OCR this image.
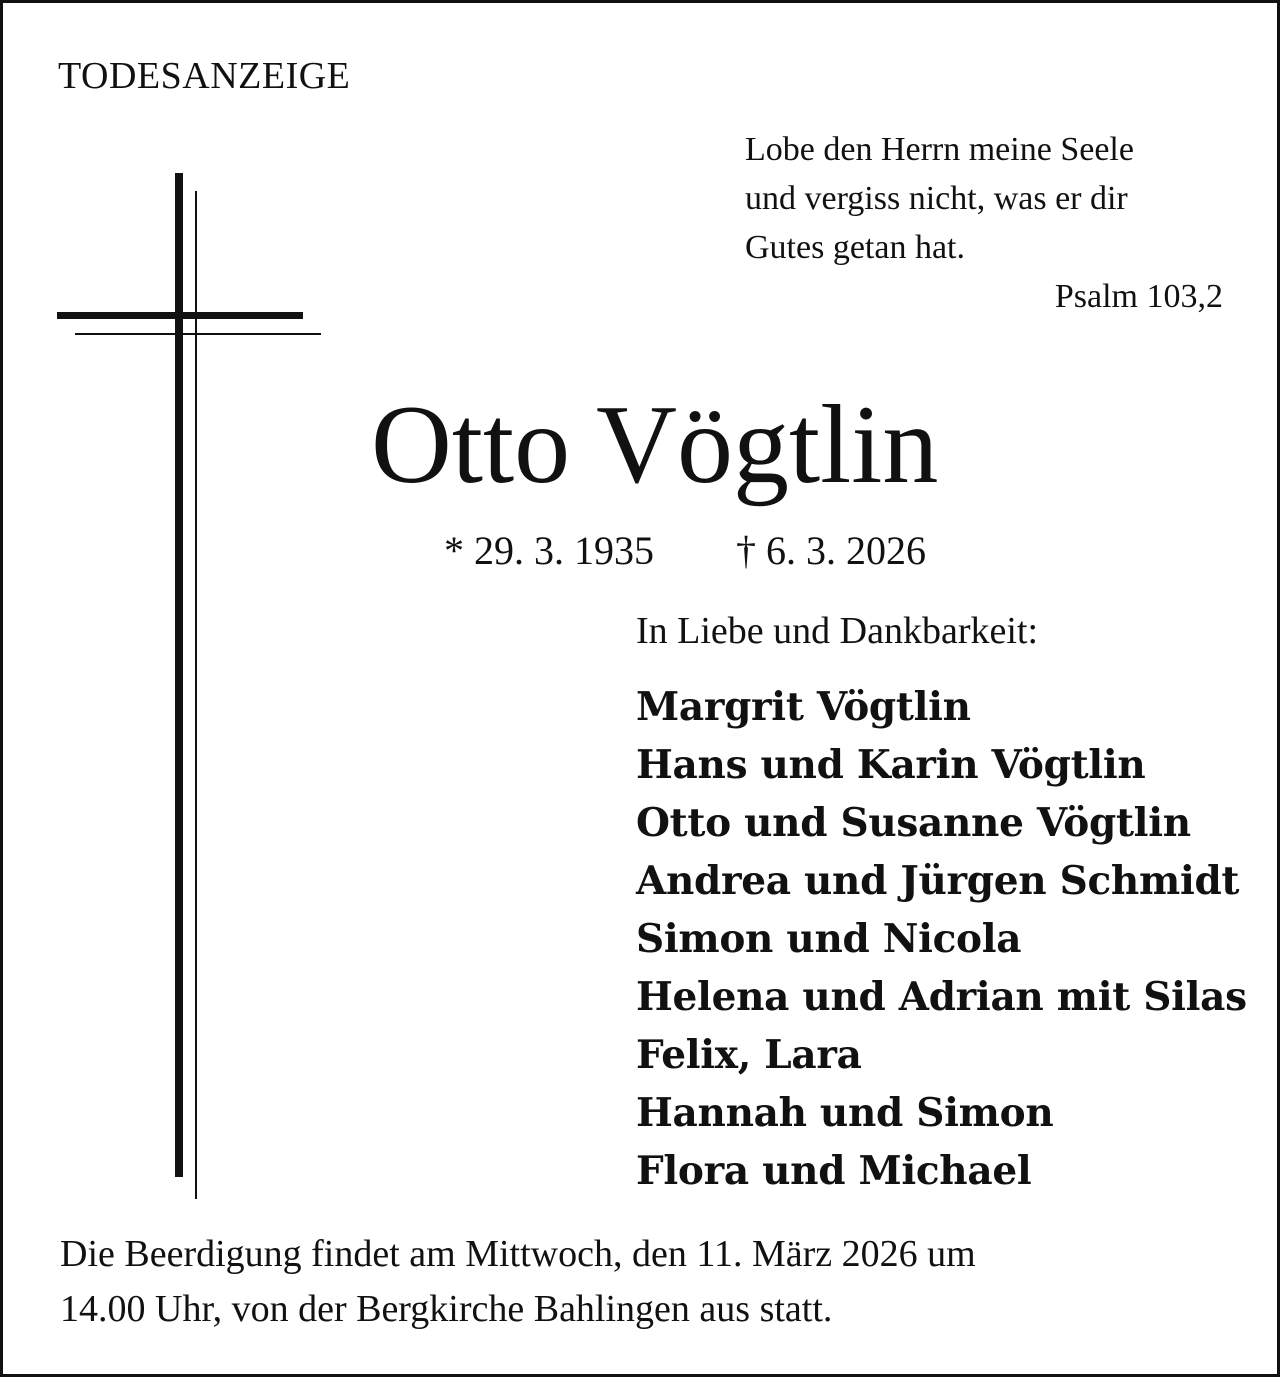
TODESANZEIGE
Lobe den Herrn meine Seele
und vergiss nicht, was er dir
Gutes getan hat.
Psalm 103,2
Otto Vögtlin
* 29. 3. 1935 † 6. 3. 2026
In Liebe und Dankbarkeit:
Margrit Vögtlin
Hans und Karin Vögtlin
Otto und Susanne Vögtlin
Andrea und Jürgen Schmidt
Simon und Nicola
Helena und Adrian mit Silas
Felix, Lara
Hannah und Simon
Flora und Michael
Die Beerdigung findet am Mittwoch, den 11. März 2026 um
14.00 Uhr, von der Bergkirche Bahlingen aus statt.
